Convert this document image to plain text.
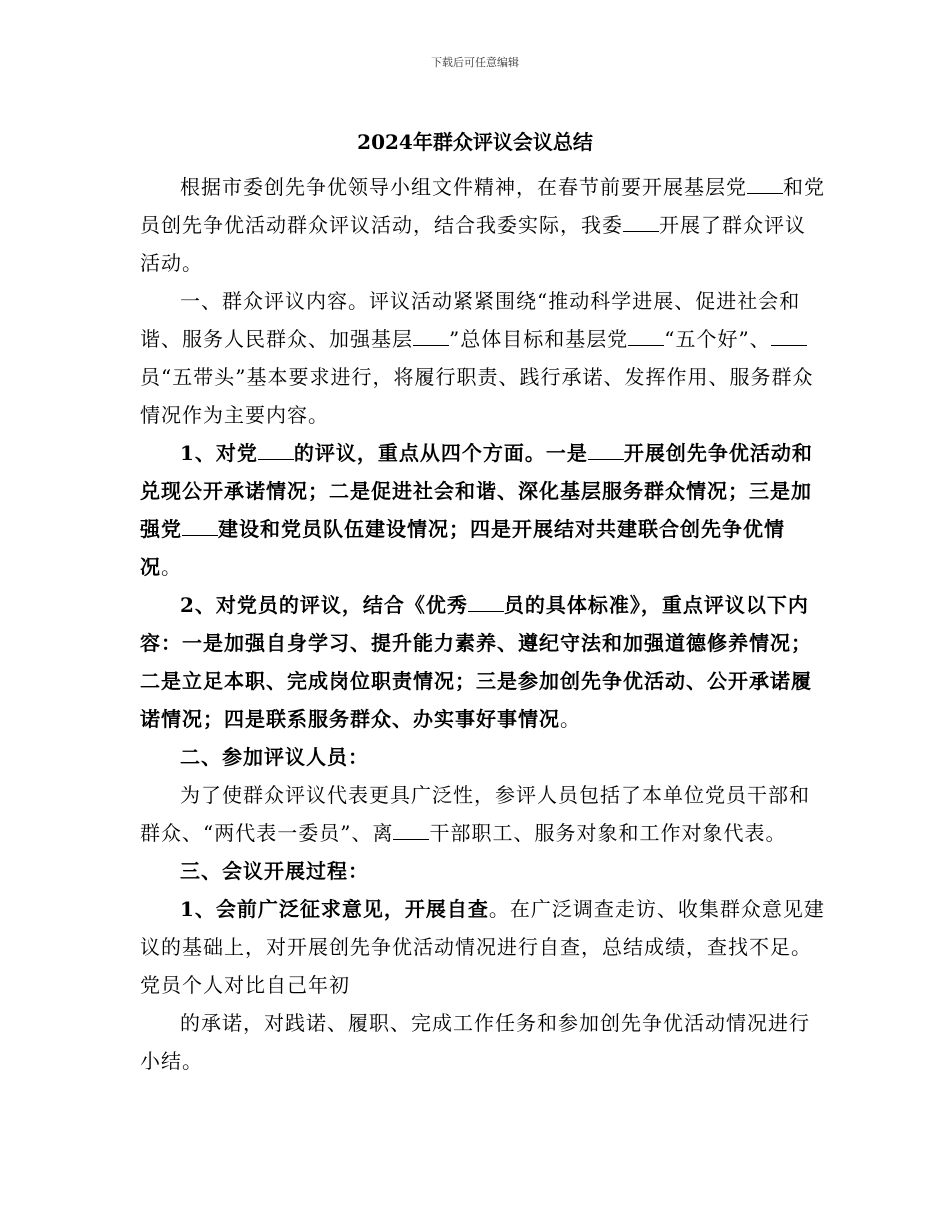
下载后可任意编辑
2024年群众评议会议总结

根据市委创先争优领导小组文件精神，在春节前要开展基层党 和党员创先争优活动群众评议活动，结合我委实际，我委 开展了群众评议活动。

一、群众评议内容。评议活动紧紧围绕“推动科学进展、促进社会和谐、服务人民群众、加强基层 ”总体目标和基层党 “五个好”、员“五带头”基本要求进行，将履行职责、践行承诺、发挥作用、服务群众情况作为主要内容。

1、对党 的评议，重点从四个方面。一是 开展创先争优活动和兑现公开承诺情况；二是促进社会和谐、深化基层服务群众情况；三是加强党 建设和党员队伍建设情况；四是开展结对共建联合创先争优情况。

2、对党员的评议，结合《优秀 员的具体标准》，重点评议以下内容：一是加强自身学习、提升能力素养、遵纪守法和加强道德修养情况；二是立足本职、完成岗位职责情况；三是参加创先争优活动、公开承诺履诺情况；四是联系服务群众、办实事好事情况。

二、参加评议人员：

为了使群众评议代表更具广泛性，参评人员包括了本单位党员干部和群众、“两代表一委员”、离 干部职工、服务对象和工作对象代表。

三、会议开展过程：

1、会前广泛征求意见，开展自查。在广泛调查走访、收集群众意见建议的基础上，对开展创先争优活动情况进行自查，总结成绩，查找不足。党员个人对比自己年初

的承诺，对践诺、履职、完成工作任务和参加创先争优活动情况进行小结。
